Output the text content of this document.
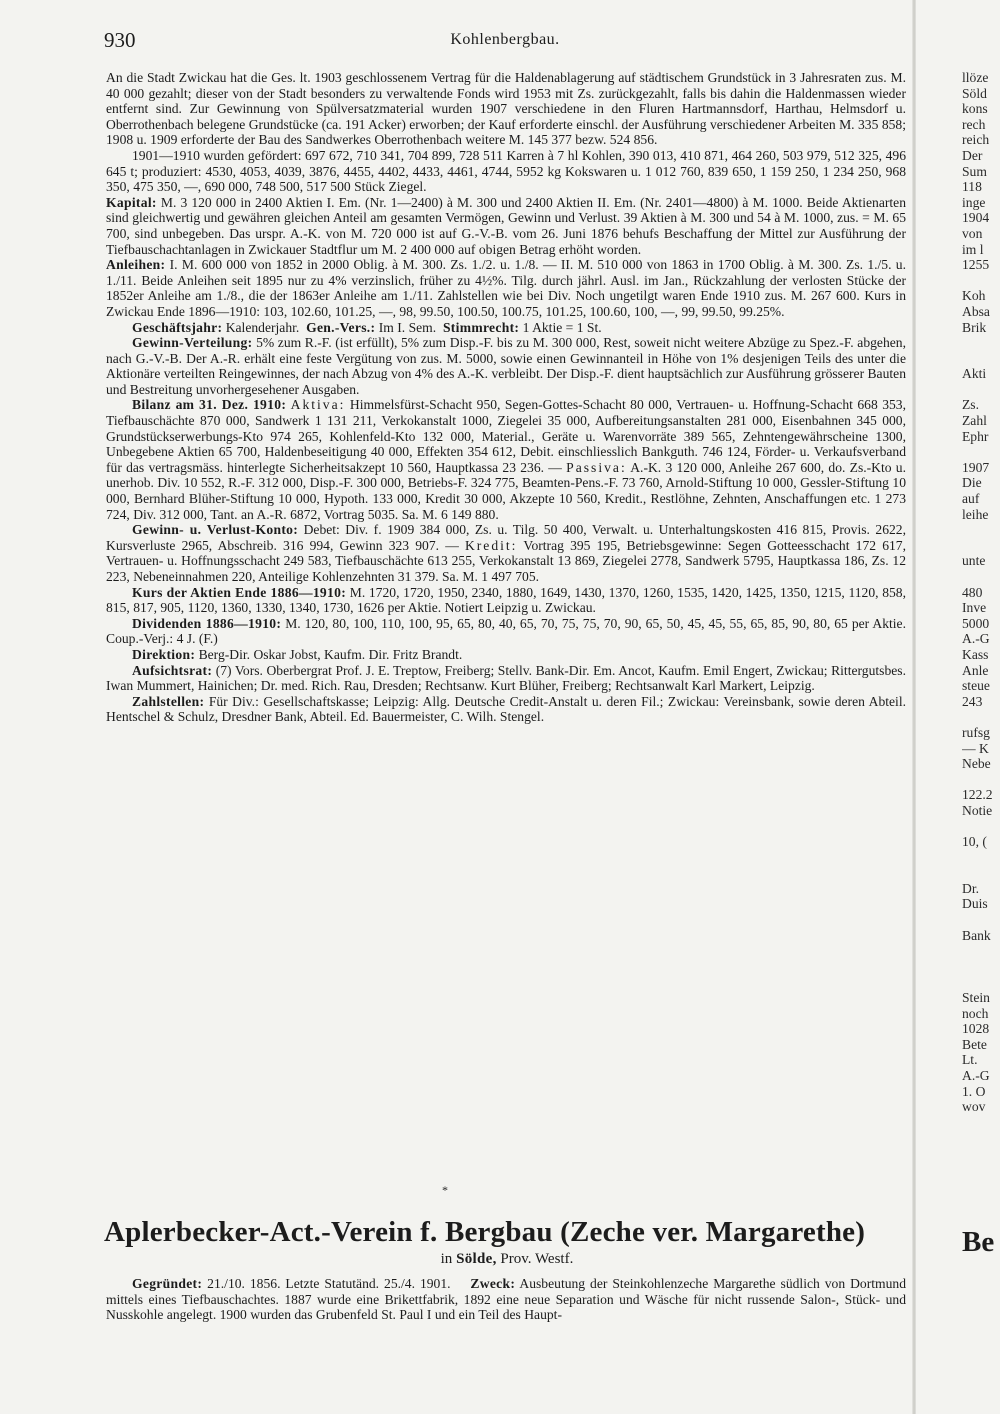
930	Kohlenbergbau.

An die Stadt Zwickau hat die Ges. lt. 1903 geschlossenem Vertrag für die Haldenablagerung auf städtischem Grundstück in 3 Jahresraten zus. M. 40 000 gezahlt; dieser von der Stadt besonders zu verwaltende Fonds wird 1953 mit Zs. zurückgezahlt, falls bis dahin die Haldenmassen wieder entfernt sind. Zur Gewinnung von Spülversatzmaterial wurden 1907 verschiedene in den Fluren Hartmannsdorf, Harthau, Helmsdorf u. Oberrothenbach belegene Grundstücke (ca. 191 Acker) erworben; der Kauf erforderte einschl. der Ausführung verschiedener Arbeiten M. 335 858; 1908 u. 1909 erforderte der Bau des Sandwerkes Oberrothenbach weitere M. 145 377 bezw. 524 856.

1901—1910 wurden gefördert: 697 672, 710 341, 704 899, 728 511 Karren à 7 hl Kohlen, 390 013, 410 871, 464 260, 503 979, 512 325, 496 645 t; produziert: 4530, 4053, 4039, 3876, 4455, 4402, 4433, 4461, 4744, 5952 kg Kokswaren u. 1 012 760, 839 650, 1 159 250, 1 234 250, 968 350, 475 350, —, 690 000, 748 500, 517 500 Stück Ziegel.

Kapital: M. 3 120 000 in 2400 Aktien I. Em. (Nr. 1—2400) à M. 300 und 2400 Aktien II. Em. (Nr. 2401—4800) à M. 1000. Beide Aktienarten sind gleichwertig und gewähren gleichen Anteil am gesamten Vermögen, Gewinn und Verlust. 39 Aktien à M. 300 und 54 à M. 1000, zus. = M. 65 700, sind unbegeben. Das urspr. A.-K. von M. 720 000 ist auf G.-V.-B. vom 26. Juni 1876 behufs Beschaffung der Mittel zur Ausführung der Tiefbauschachtanlagen in Zwickauer Stadtflur um M. 2 400 000 auf obigen Betrag erhöht worden.

Anleihen: I. M. 600 000 von 1852 in 2000 Oblig. à M. 300. Zs. 1./2. u. 1./8. — II. M. 510 000 von 1863 in 1700 Oblig. à M. 300. Zs. 1./5. u. 1./11. Beide Anleihen seit 1895 nur zu 4% verzinslich, früher zu 4½%. Tilg. durch jährl. Ausl. im Jan., Rückzahlung der verlosten Stücke der 1852er Anleihe am 1./8., die der 1863er Anleihe am 1./11. Zahlstellen wie bei Div. Noch ungetilgt waren Ende 1910 zus. M. 267 600. Kurs in Zwickau Ende 1896—1910: 103, 102.60, 101.25, —, 98, 99.50, 100.50, 100.75, 101.25, 100.60, 100, —, 99, 99.50, 99.25%.

Geschäftsjahr: Kalenderjahr. Gen.-Vers.: Im I. Sem. Stimmrecht: 1 Aktie = 1 St.

Gewinn-Verteilung: 5% zum R.-F. (ist erfüllt), 5% zum Disp.-F. bis zu M. 300 000, Rest, soweit nicht weitere Abzüge zu Spez.-F. abgehen, nach G.-V.-B. Der A.-R. erhält eine feste Vergütung von zus. M. 5000, sowie einen Gewinnanteil in Höhe von 1% desjenigen Teils des unter die Aktionäre verteilten Reingewinnes, der nach Abzug von 4% des A.-K. verbleibt. Der Disp.-F. dient hauptsächlich zur Ausführung grösserer Bauten und Bestreitung unvorhergesehener Ausgaben.

Bilanz am 31. Dez. 1910: Aktiva: Himmelsfürst-Schacht 950, Segen-Gottes-Schacht 80 000, Vertrauen- u. Hoffnung-Schacht 668 353, Tiefbauschächte 870 000, Sandwerk 1 131 211, Verkokanstalt 1000, Ziegelei 35 000, Aufbereitungsanstalten 281 000, Eisenbahnen 345 000, Grundstückserwerbungs-Kto 974 265, Kohlenfeld-Kto 132 000, Material., Geräte u. Warenvorräte 389 565, Zehntengewährscheine 1300, Unbegebene Aktien 65 700, Haldenbeseitigung 40 000, Effekten 354 612, Debit. einschliesslich Bankguth. 746 124, Förder- u. Verkaufsverband für das vertragsmäss. hinterlegte Sicherheitsakzept 10 560, Hauptkassa 23 236. — Passiva: A.-K. 3 120 000, Anleihe 267 600, do. Zs.-Kto u. unerhob. Div. 10 552, R.-F. 312 000, Disp.-F. 300 000, Betriebs-F. 324 775, Beamten-Pens.-F. 73 760, Arnold-Stiftung 10 000, Gessler-Stiftung 10 000, Bernhard Blüher-Stiftung 10 000, Hypoth. 133 000, Kredit 30 000, Akzepte 10 560, Kredit., Restlöhne, Zehnten, Anschaffungen etc. 1 273 724, Div. 312 000, Tant. an A.-R. 6872, Vortrag 5035. Sa. M. 6 149 880.

Gewinn- u. Verlust-Konto: Debet: Div. f. 1909 384 000, Zs. u. Tilg. 50 400, Verwalt. u. Unterhaltungskosten 416 815, Provis. 2622, Kursverluste 2965, Abschreib. 316 994, Gewinn 323 907. — Kredit: Vortrag 395 195, Betriebsgewinne: Segen Gotteesschacht 172 617, Vertrauen- u. Hoffnungsschacht 249 583, Tiefbauschächte 613 255, Verkokanstalt 13 869, Ziegelei 2778, Sandwerk 5795, Hauptkassa 186, Zs. 12 223, Nebeneinnahmen 220, Anteilige Kohlenzehnten 31 379. Sa. M. 1 497 705.

Kurs der Aktien Ende 1886—1910: M. 1720, 1720, 1950, 2340, 1880, 1649, 1430, 1370, 1260, 1535, 1420, 1425, 1350, 1215, 1120, 858, 815, 817, 905, 1120, 1360, 1330, 1340, 1730, 1626 per Aktie. Notiert Leipzig u. Zwickau.

Dividenden 1886—1910: M. 120, 80, 100, 110, 100, 95, 65, 80, 40, 65, 70, 75, 75, 70, 90, 65, 50, 45, 45, 55, 65, 85, 90, 80, 65 per Aktie. Coup.-Verj.: 4 J. (F.)

Direktion: Berg-Dir. Oskar Jobst, Kaufm. Dir. Fritz Brandt.

Aufsichtsrat: (7) Vors. Oberbergrat Prof. J. E. Treptow, Freiberg; Stellv. Bank-Dir. Em. Ancot, Kaufm. Emil Engert, Zwickau; Rittergutsbes. Iwan Mummert, Hainichen; Dr. med. Rich. Rau, Dresden; Rechtsanw. Kurt Blüher, Freiberg; Rechtsanwalt Karl Markert, Leipzig.

Zahlstellen: Für Div.: Gesellschaftskasse; Leipzig: Allg. Deutsche Credit-Anstalt u. deren Fil.; Zwickau: Vereinsbank, sowie deren Abteil. Hentschel & Schulz, Dresdner Bank, Abteil. Ed. Bauermeister, C. Wilh. Stengel.

*
Aplerbecker-Act.-Verein f. Bergbau (Zeche ver. Margarethe)
in Sölde, Prov. Westf.

Gegründet: 21./10. 1856. Letzte Statutänd. 25./4. 1901. Zweck: Ausbeutung der Steinkohlenzeche Margarethe südlich von Dortmund mittels eines Tiefbauschachtes. 1887 wurde eine Brikettfabrik, 1892 eine neue Separation und Wäsche für nicht russende Salon-, Stück- und Nusskohle angelegt. 1900 wurden das Grubenfeld St. Paul I und ein Teil des Haupt-

llöze
Söld
kons
rech
reich
Der
Sum
118
inge
1904
von
im l
1255
Koh
Absa
Brik
Akti
Zs.
Zahl
Ephr
1907
Die
auf
leihe
unte
480
Inve
5000
A.-G
Kass
Anle
steue
243
rufsg
— K
Nebe
122.2
Notie
10, (
Dr.
Duis
Bank
Stein
noch
1028
Bete
Lt.
A.-G
1. O
wov
Be
